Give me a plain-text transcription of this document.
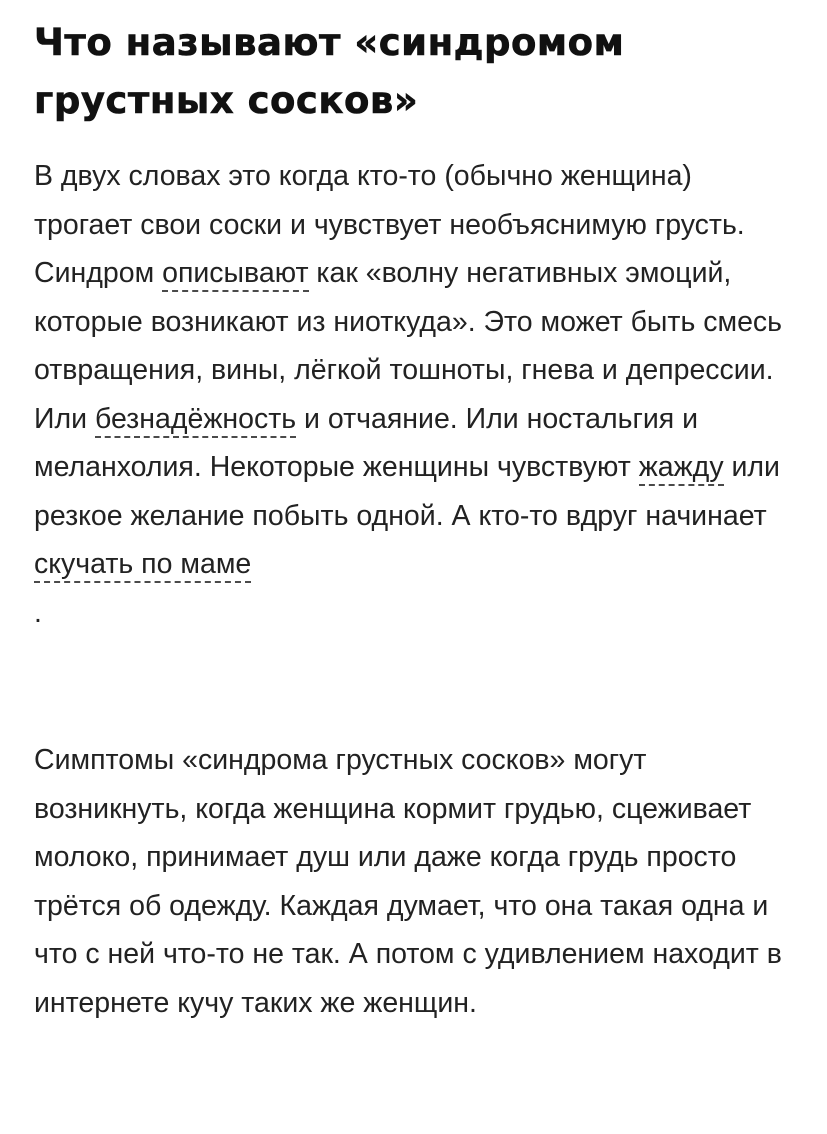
Что называют «синдромом грустных сосков»

В двух словах это когда кто-то (обычно женщина) трогает свои соски и чувствует необъяснимую грусть. Синдром описывают как «волну негативных эмоций, которые возникают из ниоткуда». Это может быть смесь отвращения, вины, лёгкой тошноты, гнева и депрессии. Или безнадёжность и отчаяние. Или ностальгия и меланхолия. Некоторые женщины чувствуют жажду или резкое желание побыть одной. А кто-то вдруг начинает скучать по маме
.

Симптомы «синдрома грустных сосков» могут возникнуть, когда женщина кормит грудью, сцеживает молоко, принимает душ или даже когда грудь просто трётся об одежду. Каждая думает, что она такая одна и что с ней что-то не так. А потом с удивлением находит в интернете кучу таких же женщин.
